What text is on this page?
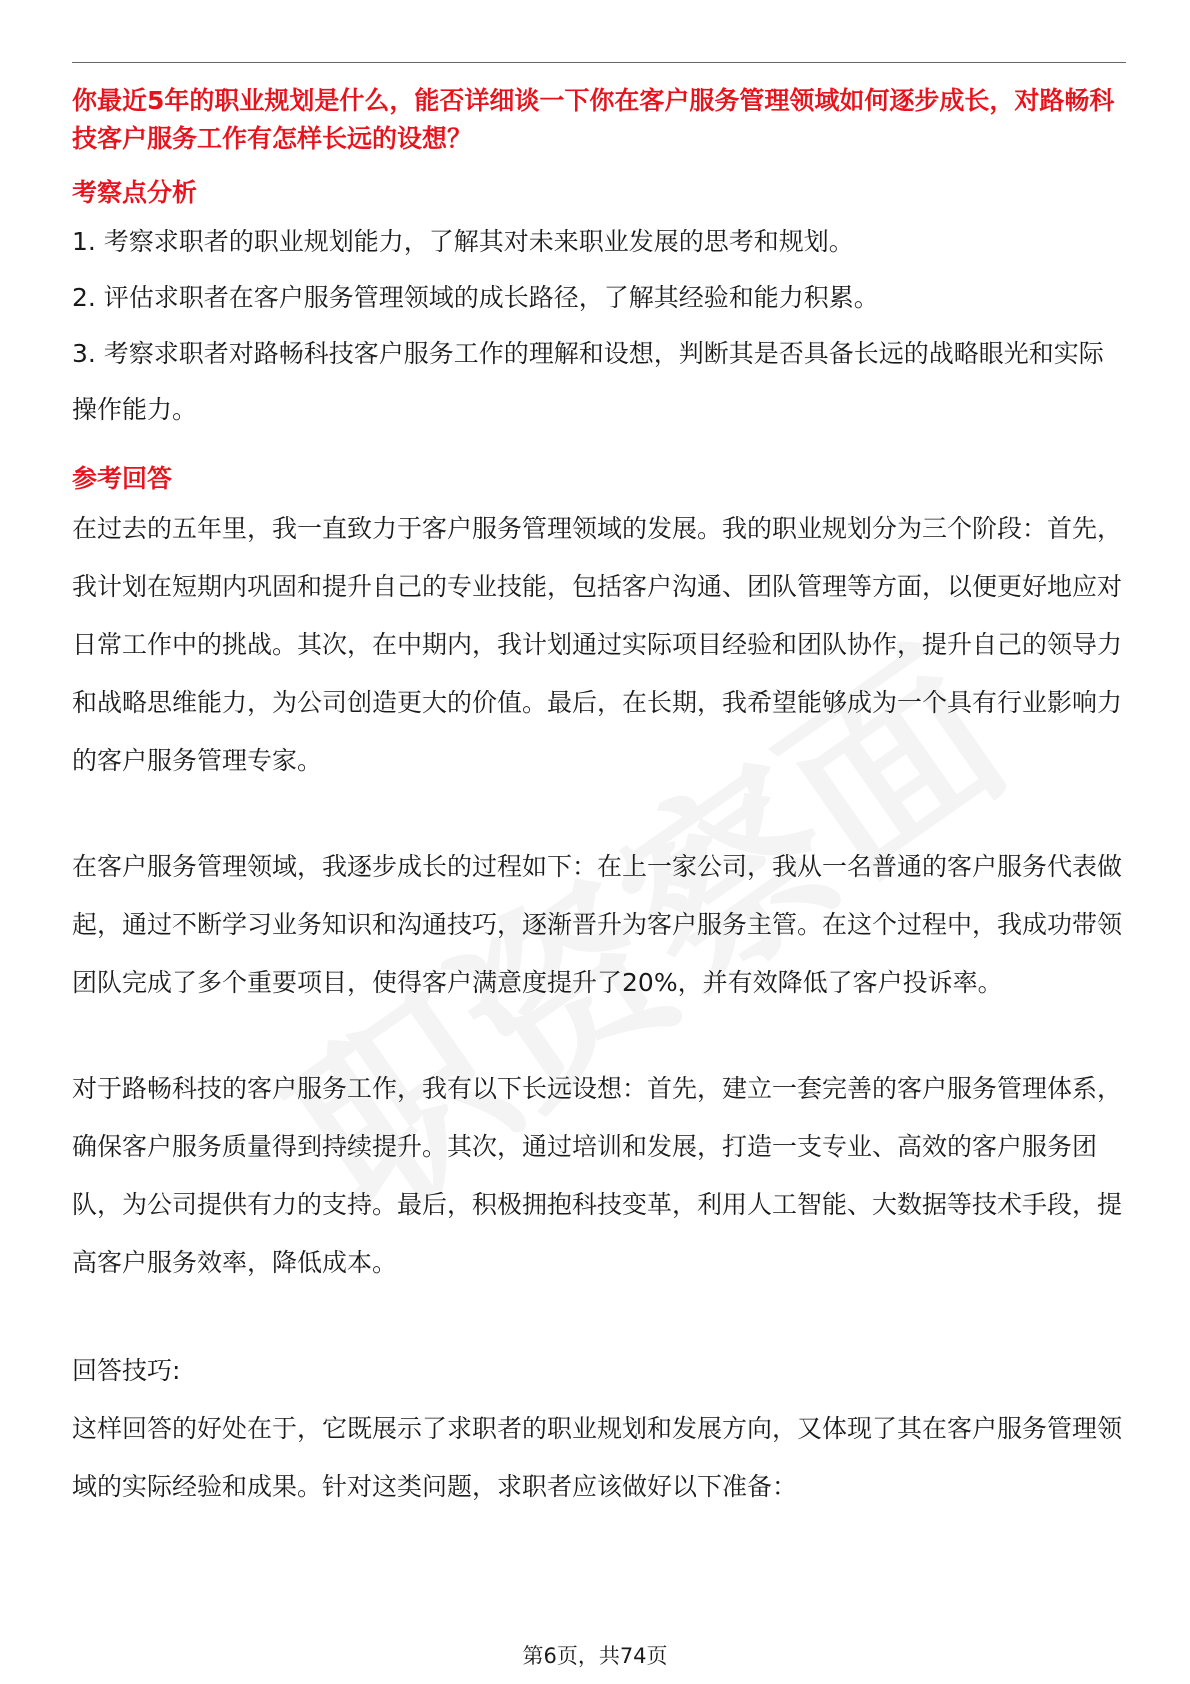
你最近5年的职业规划是什么，能否详细谈一下你在客户服务管理领域如何逐步成长，对路畅科技客户服务工作有怎样长远的设想？

考察点分析

1. 考察求职者的职业规划能力，了解其对未来职业发展的思考和规划。

2. 评估求职者在客户服务管理领域的成长路径，了解其经验和能力积累。

3. 考察求职者对路畅科技客户服务工作的理解和设想，判断其是否具备长远的战略眼光和实际操作能力。

参考回答

在过去的五年里，我一直致力于客户服务管理领域的发展。我的职业规划分为三个阶段：首先，我计划在短期内巩固和提升自己的专业技能，包括客户沟通、团队管理等方面，以便更好地应对日常工作中的挑战。其次，在中期内，我计划通过实际项目经验和团队协作，提升自己的领导力和战略思维能力，为公司创造更大的价值。最后，在长期，我希望能够成为一个具有行业影响力的客户服务管理专家。

在客户服务管理领域，我逐步成长的过程如下：在上一家公司，我从一名普通的客户服务代表做起，通过不断学习业务知识和沟通技巧，逐渐晋升为客户服务主管。在这个过程中，我成功带领团队完成了多个重要项目，使得客户满意度提升了20%，并有效降低了客户投诉率。

对于路畅科技的客户服务工作，我有以下长远设想：首先，建立一套完善的客户服务管理体系，确保客户服务质量得到持续提升。其次，通过培训和发展，打造一支专业、高效的客户服务团队，为公司提供有力的支持。最后，积极拥抱科技变革，利用人工智能、大数据等技术手段，提高客户服务效率，降低成本。

回答技巧:

这样回答的好处在于，它既展示了求职者的职业规划和发展方向，又体现了其在客户服务管理领域的实际经验和成果。针对这类问题，求职者应该做好以下准备：

第6页，共74页
